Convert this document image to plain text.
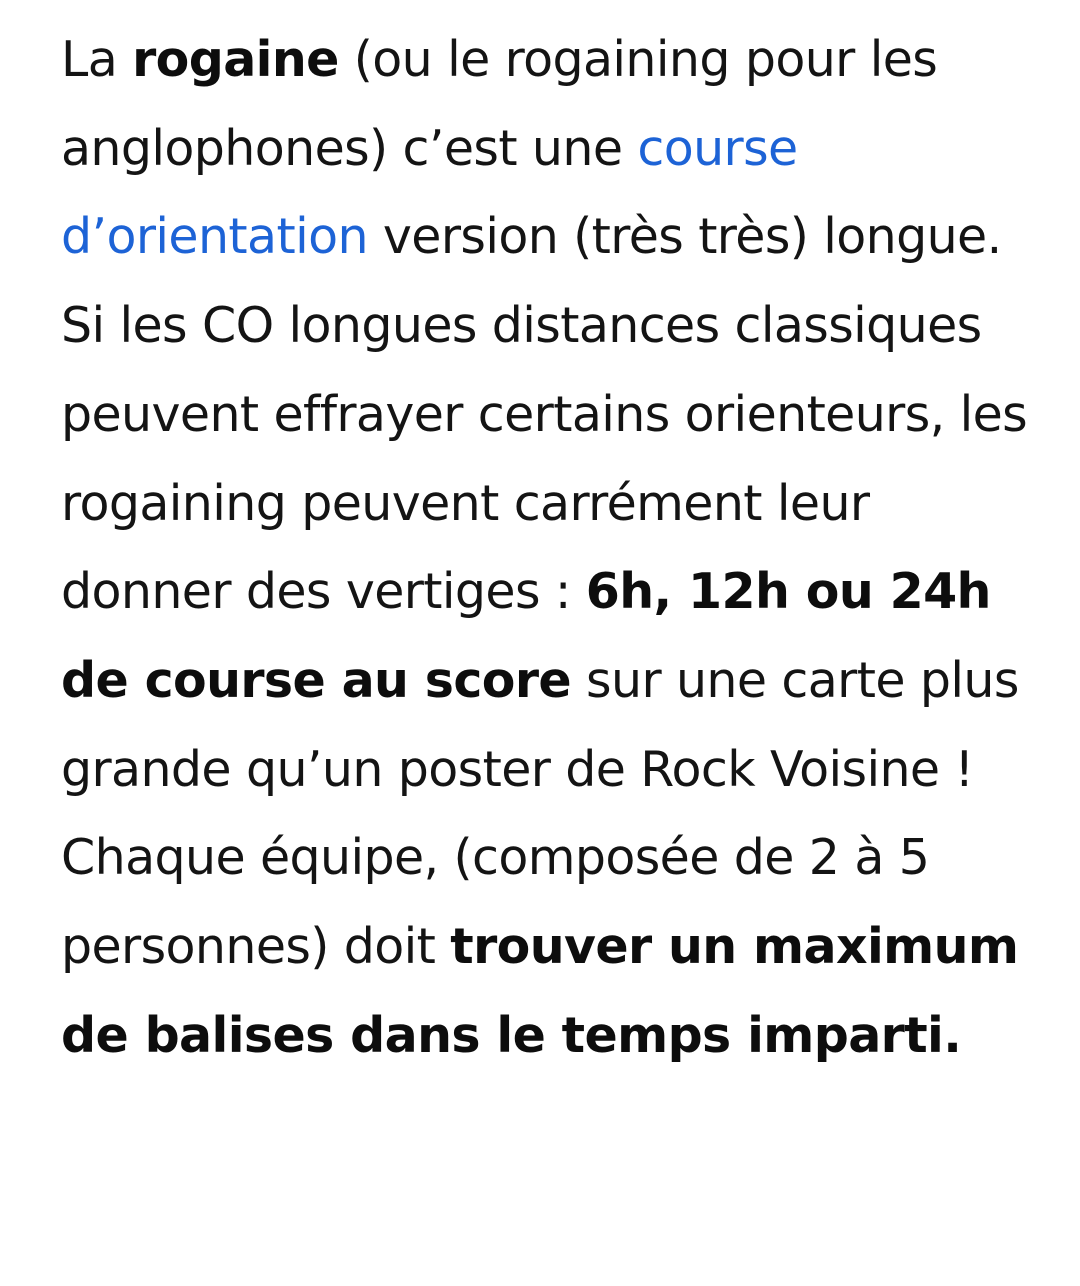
La rogaine (ou le rogaining pour les anglophones) c’est une course d’orientation version (très très) longue. Si les CO longues distances classiques peuvent effrayer certains orienteurs, les rogaining peuvent carrément leur donner des vertiges : 6h, 12h ou 24h de course au score sur une carte plus grande qu’un poster de Rock Voisine ! Chaque équipe, (composée de 2 à 5 personnes) doit trouver un maximum de balises dans le temps imparti.
